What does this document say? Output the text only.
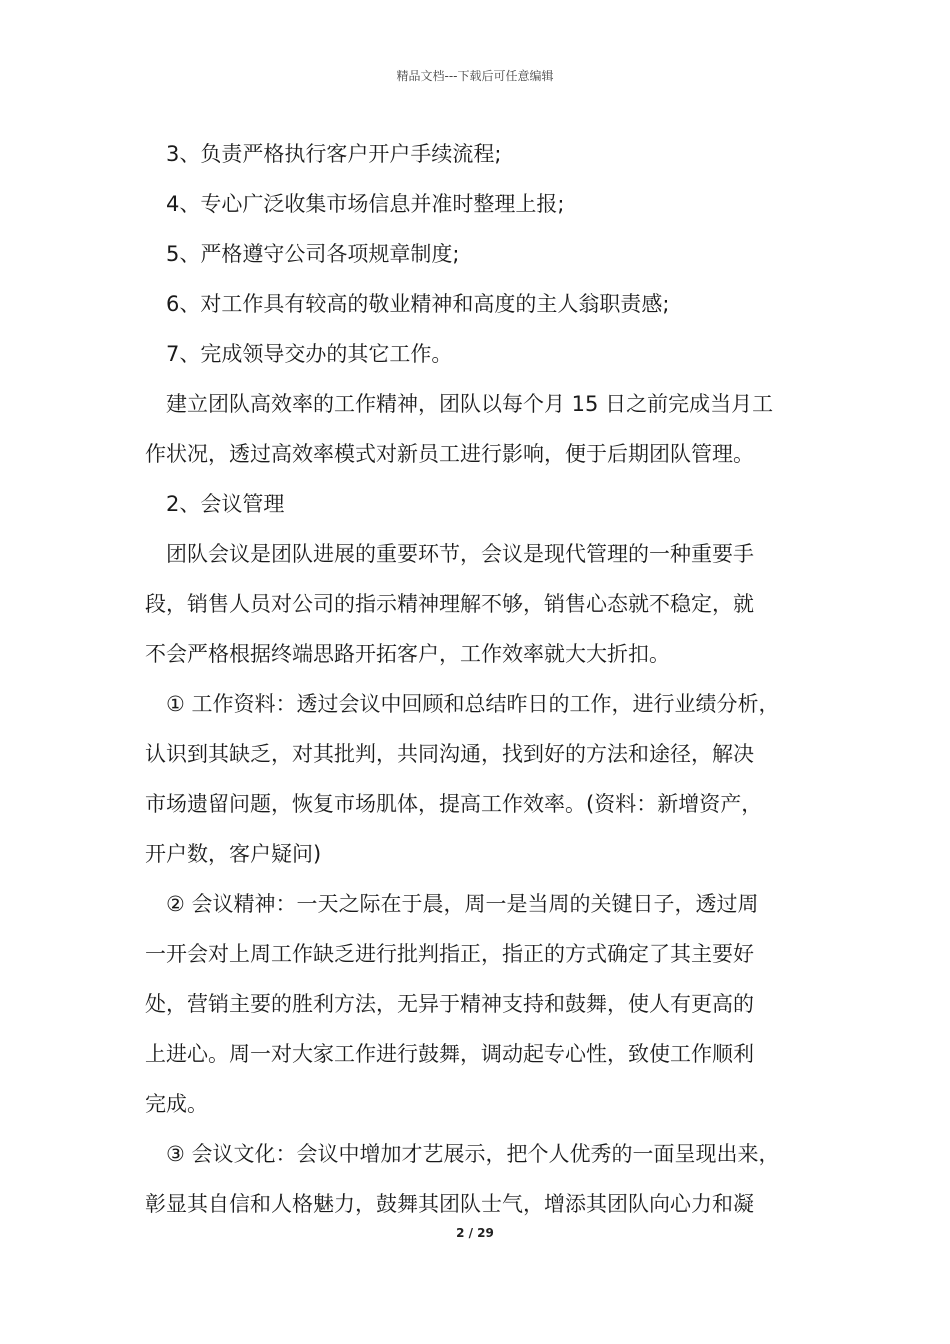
精品文档---下载后可任意编辑
3、负责严格执行客户开户手续流程;
4、专心广泛收集市场信息并准时整理上报;
5、严格遵守公司各项规章制度;
6、对工作具有较高的敬业精神和高度的主人翁职责感;
7、完成领导交办的其它工作。
建立团队高效率的工作精神，团队以每个月 15 日之前完成当月工
作状况，透过高效率模式对新员工进行影响，便于后期团队管理。
2、会议管理
团队会议是团队进展的重要环节，会议是现代管理的一种重要手
段，销售人员对公司的指示精神理解不够，销售心态就不稳定，就
不会严格根据终端思路开拓客户，工作效率就大大折扣。
① 工作资料：透过会议中回顾和总结昨日的工作，进行业绩分析，
认识到其缺乏，对其批判，共同沟通，找到好的方法和途径，解决
市场遗留问题，恢复市场肌体，提高工作效率。(资料：新增资产，
开户数，客户疑问)
② 会议精神：一天之际在于晨，周一是当周的关键日子，透过周
一开会对上周工作缺乏进行批判指正，指正的方式确定了其主要好
处，营销主要的胜利方法，无异于精神支持和鼓舞，使人有更高的
上进心。周一对大家工作进行鼓舞，调动起专心性，致使工作顺利
完成。
③ 会议文化：会议中增加才艺展示，把个人优秀的一面呈现出来，
彰显其自信和人格魅力，鼓舞其团队士气，增添其团队向心力和凝
2 / 29
